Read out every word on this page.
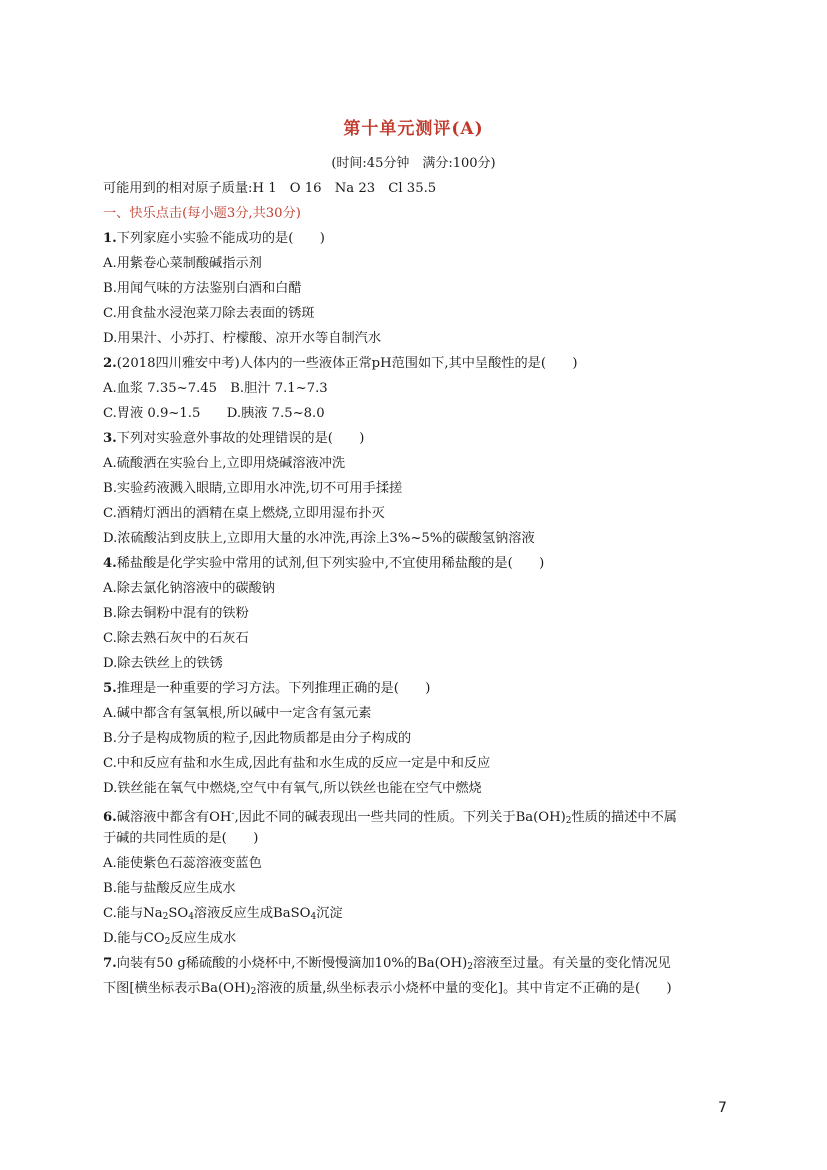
第十单元测评(A)
(时间:45分钟　满分:100分)
可能用到的相对原子质量:H 1　O 16　Na 23　Cl 35.5
一、快乐点击(每小题3分,共30分)
1.下列家庭小实验不能成功的是(　　)
A.用紫卷心菜制酸碱指示剂
B.用闻气味的方法鉴别白酒和白醋
C.用食盐水浸泡菜刀除去表面的锈斑
D.用果汁、小苏打、柠檬酸、凉开水等自制汽水
2.(2018四川雅安中考)人体内的一些液体正常pH范围如下,其中呈酸性的是(　　)
A.血浆 7.35~7.45　B.胆汁 7.1~7.3
C.胃液 0.9~1.5　　D.胰液 7.5~8.0
3.下列对实验意外事故的处理错误的是(　　)
A.硫酸洒在实验台上,立即用烧碱溶液冲洗
B.实验药液溅入眼睛,立即用水冲洗,切不可用手揉搓
C.酒精灯洒出的酒精在桌上燃烧,立即用湿布扑灭
D.浓硫酸沾到皮肤上,立即用大量的水冲洗,再涂上3%~5%的碳酸氢钠溶液
4.稀盐酸是化学实验中常用的试剂,但下列实验中,不宜使用稀盐酸的是(　　)
A.除去氯化钠溶液中的碳酸钠
B.除去铜粉中混有的铁粉
C.除去熟石灰中的石灰石
D.除去铁丝上的铁锈
5.推理是一种重要的学习方法。下列推理正确的是(　　)
A.碱中都含有氢氧根,所以碱中一定含有氢元素
B.分子是构成物质的粒子,因此物质都是由分子构成的
C.中和反应有盐和水生成,因此有盐和水生成的反应一定是中和反应
D.铁丝能在氧气中燃烧,空气中有氧气,所以铁丝也能在空气中燃烧
6.碱溶液中都含有OH-,因此不同的碱表现出一些共同的性质。下列关于$Ba(OH)_2$性质的描述中不属
于碱的共同性质的是(　　)
A.能使紫色石蕊溶液变蓝色
B.能与盐酸反应生成水
C.能与$Na_2SO_4$溶液反应生成BaSO$_4$沉淀
D.能与$CO_2$反应生成水
7.向装有50 g稀硫酸的小烧杯中,不断慢慢滴加10%的$Ba(OH)_2$溶液至过量。有关量的变化情况见
下图[横坐标表示$Ba(OH)_2$溶液的质量,纵坐标表示小烧杯中量的变化]。其中肯定不正确的是(　　)
7
